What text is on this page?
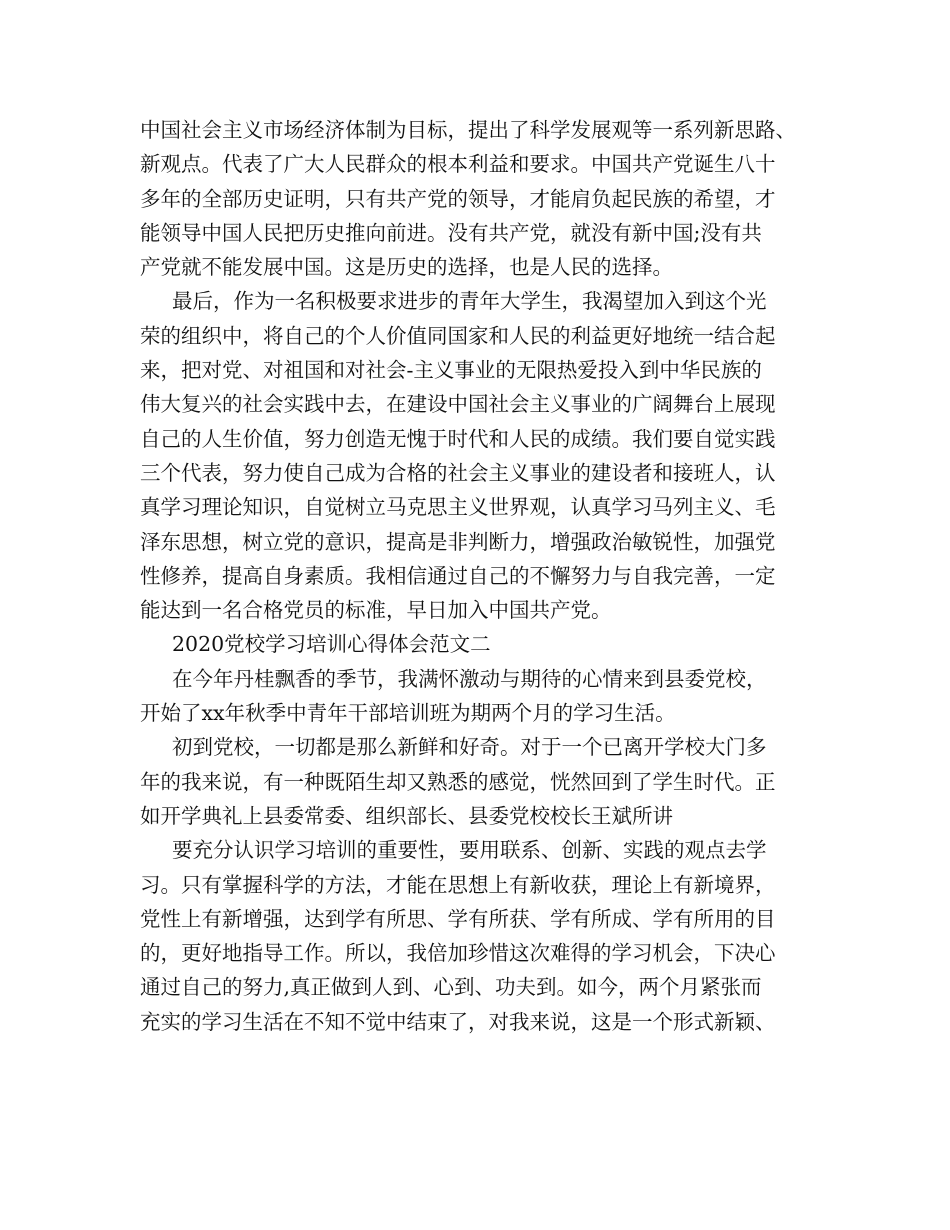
中国社会主义市场经济体制为目标，提出了科学发展观等一系列新思路、
新观点。代表了广大人民群众的根本利益和要求。中国共产党诞生八十
多年的全部历史证明，只有共产党的领导，才能肩负起民族的希望，才
能领导中国人民把历史推向前进。没有共产党，就没有新中国;没有共
产党就不能发展中国。这是历史的选择，也是人民的选择。
最后，作为一名积极要求进步的青年大学生，我渴望加入到这个光
荣的组织中，将自己的个人价值同国家和人民的利益更好地统一结合起
来，把对党、对祖国和对社会-主义事业的无限热爱投入到中华民族的
伟大复兴的社会实践中去，在建设中国社会主义事业的广阔舞台上展现
自己的人生价值，努力创造无愧于时代和人民的成绩。我们要自觉实践
三个代表，努力使自己成为合格的社会主义事业的建设者和接班人，认
真学习理论知识，自觉树立马克思主义世界观，认真学习马列主义、毛
泽东思想，树立党的意识，提高是非判断力，增强政治敏锐性，加强党
性修养，提高自身素质。我相信通过自己的不懈努力与自我完善，一定
能达到一名合格党员的标准，早日加入中国共产党。
2020党校学习培训心得体会范文二
在今年丹桂飘香的季节，我满怀激动与期待的心情来到县委党校，
开始了xx年秋季中青年干部培训班为期两个月的学习生活。
初到党校，一切都是那么新鲜和好奇。对于一个已离开学校大门多
年的我来说，有一种既陌生却又熟悉的感觉，恍然回到了学生时代。正
如开学典礼上县委常委、组织部长、县委党校校长王斌所讲
要充分认识学习培训的重要性，要用联系、创新、实践的观点去学
习。只有掌握科学的方法，才能在思想上有新收获，理论上有新境界，
党性上有新增强，达到学有所思、学有所获、学有所成、学有所用的目
的，更好地指导工作。所以，我倍加珍惜这次难得的学习机会，下决心
通过自己的努力,真正做到人到、心到、功夫到。如今，两个月紧张而
充实的学习生活在不知不觉中结束了，对我来说，这是一个形式新颖、
